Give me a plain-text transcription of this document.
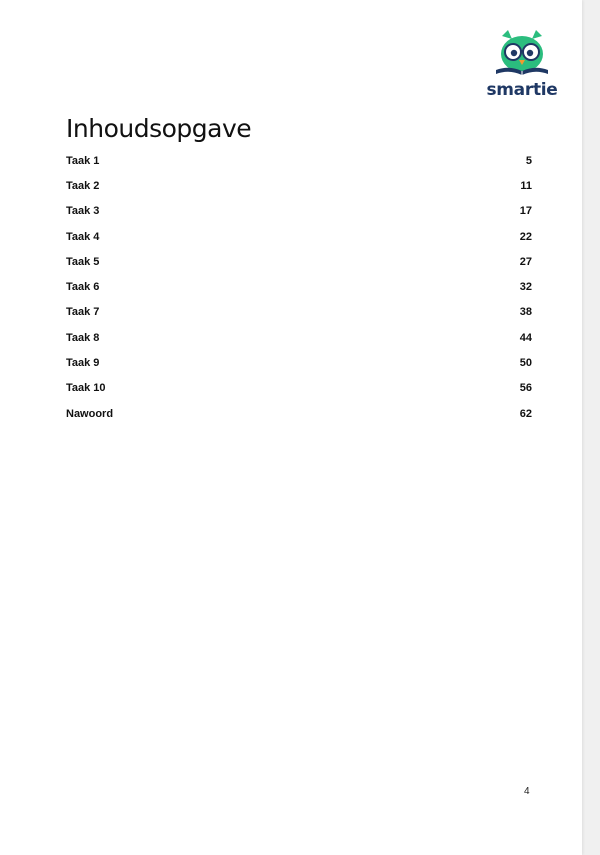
smartie
Inhoudsopgave
Taak 1	5
Taak 2	11
Taak 3	17
Taak 4	22
Taak 5	27
Taak 6	32
Taak 7	38
Taak 8	44
Taak 9	50
Taak 10	56
Nawoord	62
4
